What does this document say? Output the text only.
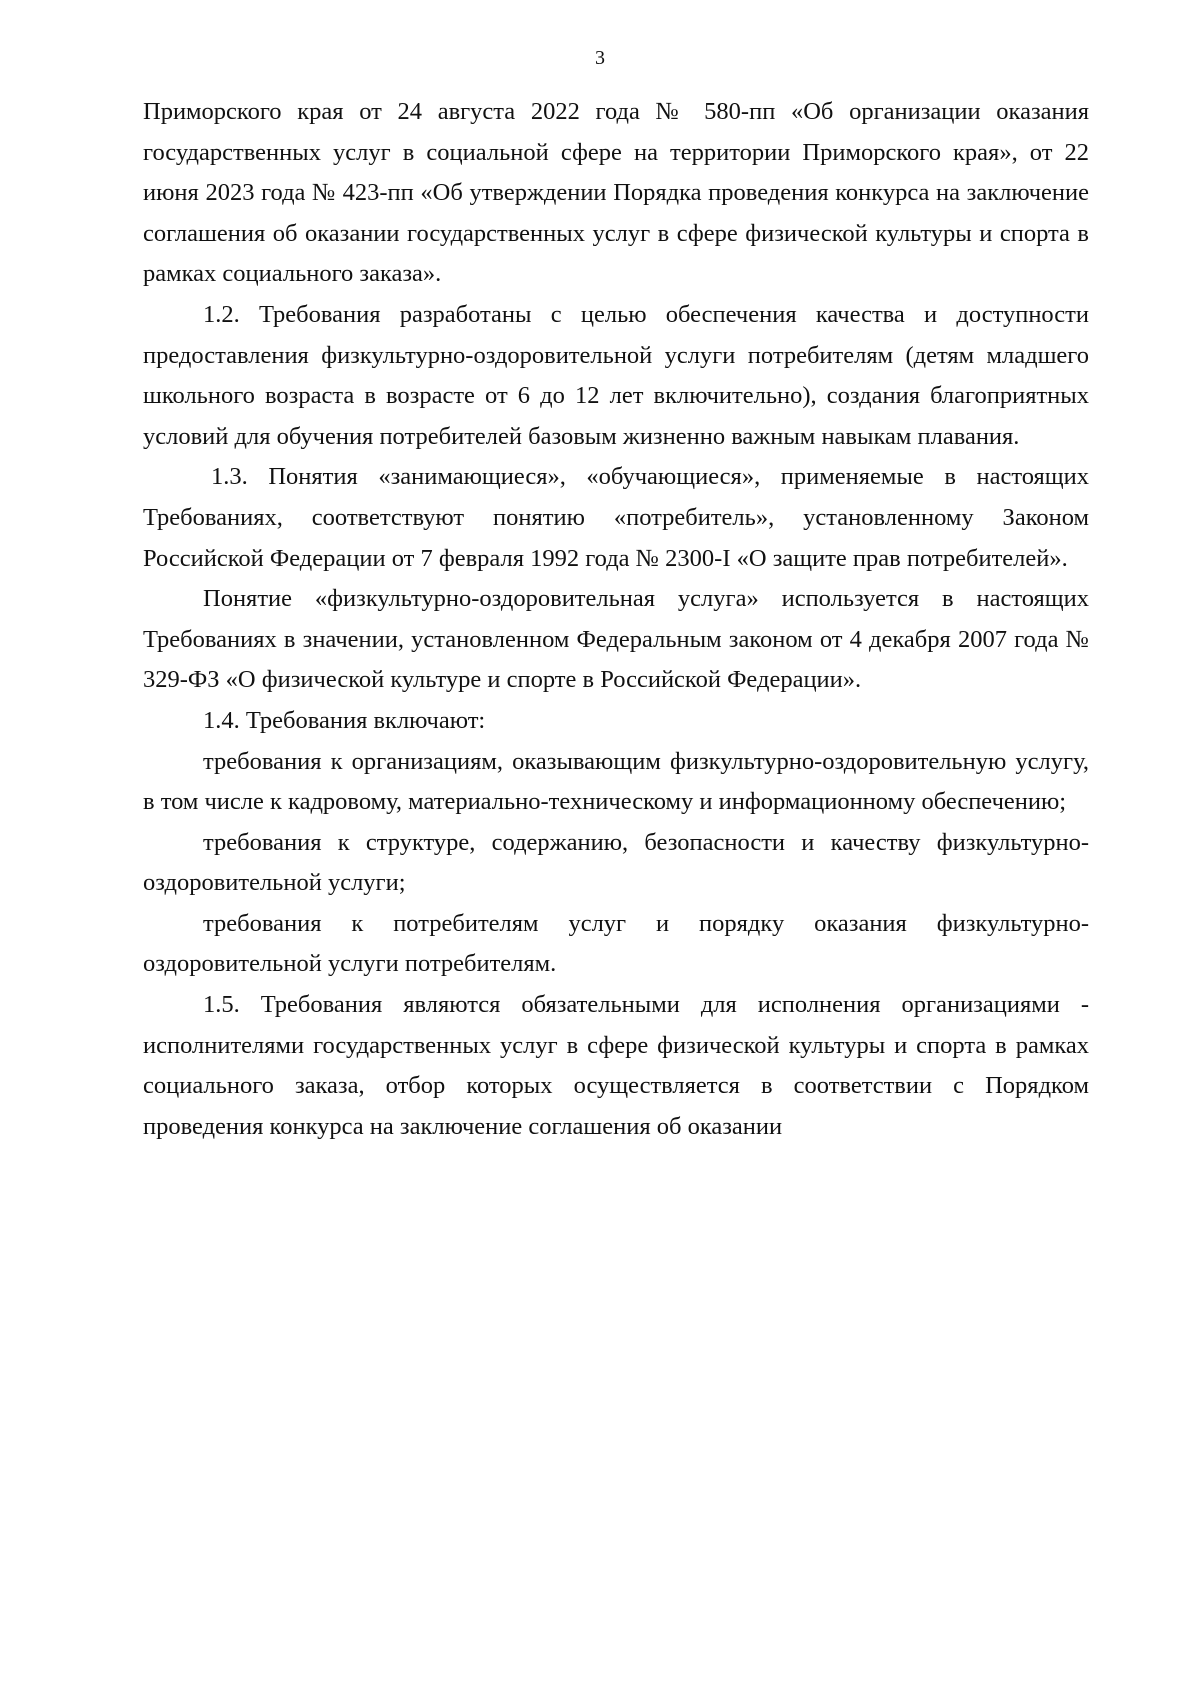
3

Приморского края от 24 августа 2022 года № 580-пп «Об организации оказания государственных услуг в социальной сфере на территории Приморского края», от 22 июня 2023 года № 423-пп «Об утверждении Порядка проведения конкурса на заключение соглашения об оказании государственных услуг в сфере физической культуры и спорта в рамках социального заказа».

1.2. Требования разработаны с целью обеспечения качества и доступности предоставления физкультурно-оздоровительной услуги потребителям (детям младшего школьного возраста в возрасте от 6 до 12 лет включительно), создания благоприятных условий для обучения потребителей базовым жизненно важным навыкам плавания.

1.3. Понятия «занимающиеся», «обучающиеся», применяемые в настоящих Требованиях, соответствуют понятию «потребитель», установленному Законом Российской Федерации от 7 февраля 1992 года № 2300-I «О защите прав потребителей».

Понятие «физкультурно-оздоровительная услуга» используется в настоящих Требованиях в значении, установленном Федеральным законом от 4 декабря 2007 года № 329-ФЗ «О физической культуре и спорте в Российской Федерации».

1.4. Требования включают:

требования к организациям, оказывающим физкультурно-оздоровительную услугу, в том числе к кадровому, материально-техническому и информационному обеспечению;

требования к структуре, содержанию, безопасности и качеству физкультурно-оздоровительной услуги;

требования к потребителям услуг и порядку оказания физкультурно-оздоровительной услуги потребителям.

1.5. Требования являются обязательными для исполнения организациями - исполнителями государственных услуг в сфере физической культуры и спорта в рамках социального заказа, отбор которых осуществляется в соответствии с Порядком проведения конкурса на заключение соглашения об оказании
